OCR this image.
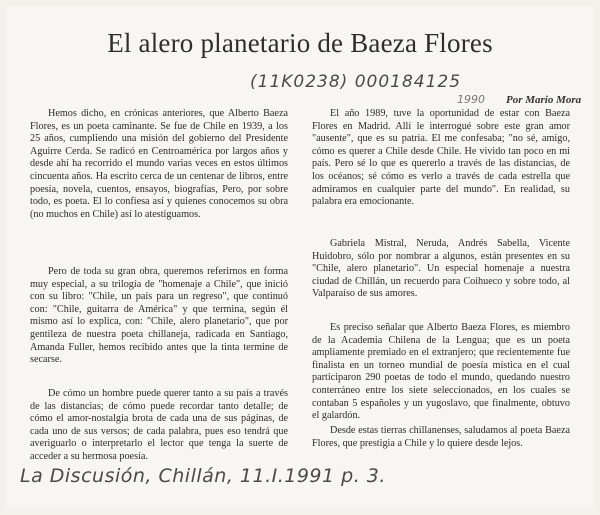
El alero planetario de Baeza Flores
(11K0238) 000184125
1990 Por Mario Mora

Hemos dicho, en crónicas anteriores, que Alberto Baeza Flores, es un poeta caminante. Se fue de Chile en 1939, a los 25 años, cumpliendo una misión del gobierno del Presidente Aguirre Cerda. Se radicó en Centroamérica por largos años y desde ahí ha recorrido el mundo varias veces en estos últimos cincuenta años. Ha escrito cerca de un centenar de libros, entre poesía, novela, cuentos, ensayos, biografías, Pero, por sobre todo, es poeta. El lo confiesa así y quienes conocemos su obra (no muchos en Chile) así lo atestiguamos.

Pero de toda su gran obra, queremos referirnos en forma muy especial, a su trilogía de "homenaje a Chile", que inició con su libro: "Chile, un país para un regreso", que continuó con: "Chile, guitarra de América" y que termina, según él mismo así lo explica, con: "Chile, alero planetario", que por gentileza de nuestra poeta chillaneja, radicada en Santiago, Amanda Fuller, hemos recibido antes que la tinta termine de secarse.

De cómo un hombre puede querer tanto a su país a través de las distancias; de cómo puede recordar tanto detalle; de cómo el amor-nostalgia brota de cada una de sus páginas, de cada uno de sus versos; de cada palabra, pues eso tendrá que averiguarlo o interpretarlo el lector que tenga la suerte de acceder a su hermosa poesía.

El año 1989, tuve la oportunidad de estar con Baeza Flores en Madrid. Allí le interrogué sobre este gran amor "ausente", que es su patria. El me confesaba; "no sé, amigo, cómo es querer a Chile desde Chile. He vivido tan poco en mi país. Pero sé lo que es quererlo a través de las distancias, de los océanos; sé cómo es verlo a través de cada estrella que admiramos en cualquier parte del mundo". En realidad, su palabra era emocionante.

Gabriela Mistral, Neruda, Andrés Sabella, Vicente Huidobro, sólo por nombrar a algunos, están presentes en su "Chile, alero planetario". Un especial homenaje a nuestra ciudad de Chillán, un recuerdo para Coihueco y sobre todo, al Valparaíso de sus amores.

Es preciso señalar que Alberto Baeza Flores, es miembro de la Academia Chilena de la Lengua; que es un poeta ampliamente premiado en el extranjero; que recientemente fue finalista en un torneo mundial de poesía mística en el cual participaron 290 poetas de todo el mundo, quedando nuestro conterráneo entre los siete seleccionados, en los cuales se contaban 5 españoles y un yugoslavo, que finalmente, obtuvo el galardón.

Desde estas tierras chillanenses, saludamos al poeta Baeza Flores, que prestigia a Chile y lo quiere desde lejos.

La Discusión, Chillán, 11.I.1991 p. 3.
